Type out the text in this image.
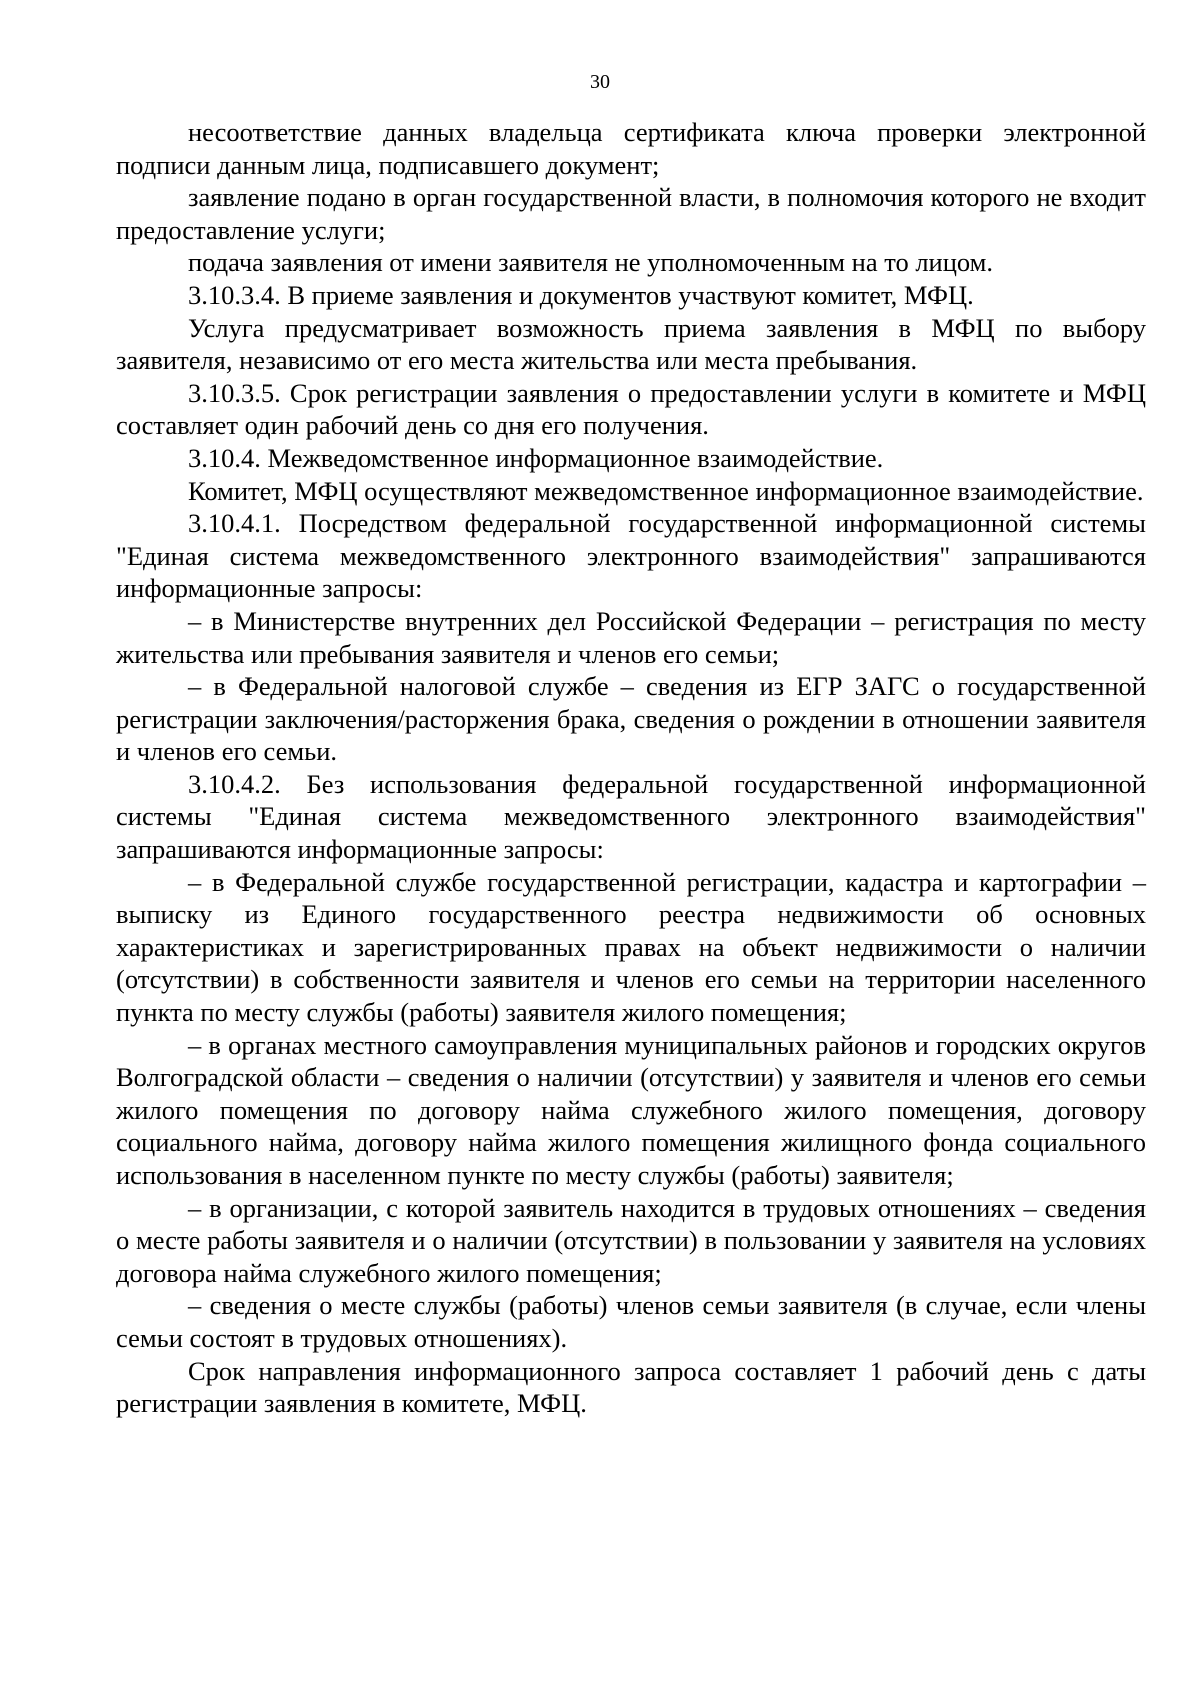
30

несоответствие данных владельца сертификата ключа проверки электронной подписи данным лица, подписавшего документ;

заявление подано в орган государственной власти, в полномочия которого не входит предоставление услуги;

подача заявления от имени заявителя не уполномоченным на то лицом.

3.10.3.4. В приеме заявления и документов участвуют комитет, МФЦ.

Услуга предусматривает возможность приема заявления в МФЦ по выбору заявителя, независимо от его места жительства или места пребывания.

3.10.3.5. Срок регистрации заявления о предоставлении услуги в комитете и МФЦ составляет один рабочий день со дня его получения.

3.10.4. Межведомственное информационное взаимодействие.

Комитет, МФЦ осуществляют межведомственное информационное взаимодействие.

3.10.4.1. Посредством федеральной государственной информационной системы "Единая система межведомственного электронного взаимодействия" запрашиваются информационные запросы:

– в Министерстве внутренних дел Российской Федерации – регистрация по месту жительства или пребывания заявителя и членов его семьи;

– в Федеральной налоговой службе – сведения из ЕГР ЗАГС о государственной регистрации заключения/расторжения брака, сведения о рождении в отношении заявителя и членов его семьи.

3.10.4.2. Без использования федеральной государственной информационной системы "Единая система межведомственного электронного взаимодействия" запрашиваются информационные запросы:

– в Федеральной службе государственной регистрации, кадастра и картографии – выписку из Единого государственного реестра недвижимости об основных характеристиках и зарегистрированных правах на объект недвижимости о наличии (отсутствии) в собственности заявителя и членов его семьи на территории населенного пункта по месту службы (работы) заявителя жилого помещения;

– в органах местного самоуправления муниципальных районов и городских округов Волгоградской области – сведения о наличии (отсутствии) у заявителя и членов его семьи жилого помещения по договору найма служебного жилого помещения, договору социального найма, договору найма жилого помещения жилищного фонда социального использования в населенном пункте по месту службы (работы) заявителя;

– в организации, с которой заявитель находится в трудовых отношениях – сведения о месте работы заявителя и о наличии (отсутствии) в пользовании у заявителя на условиях договора найма служебного жилого помещения;

– сведения о месте службы (работы) членов семьи заявителя (в случае, если члены семьи состоят в трудовых отношениях).

Срок направления информационного запроса составляет 1 рабочий день с даты регистрации заявления в комитете, МФЦ.
